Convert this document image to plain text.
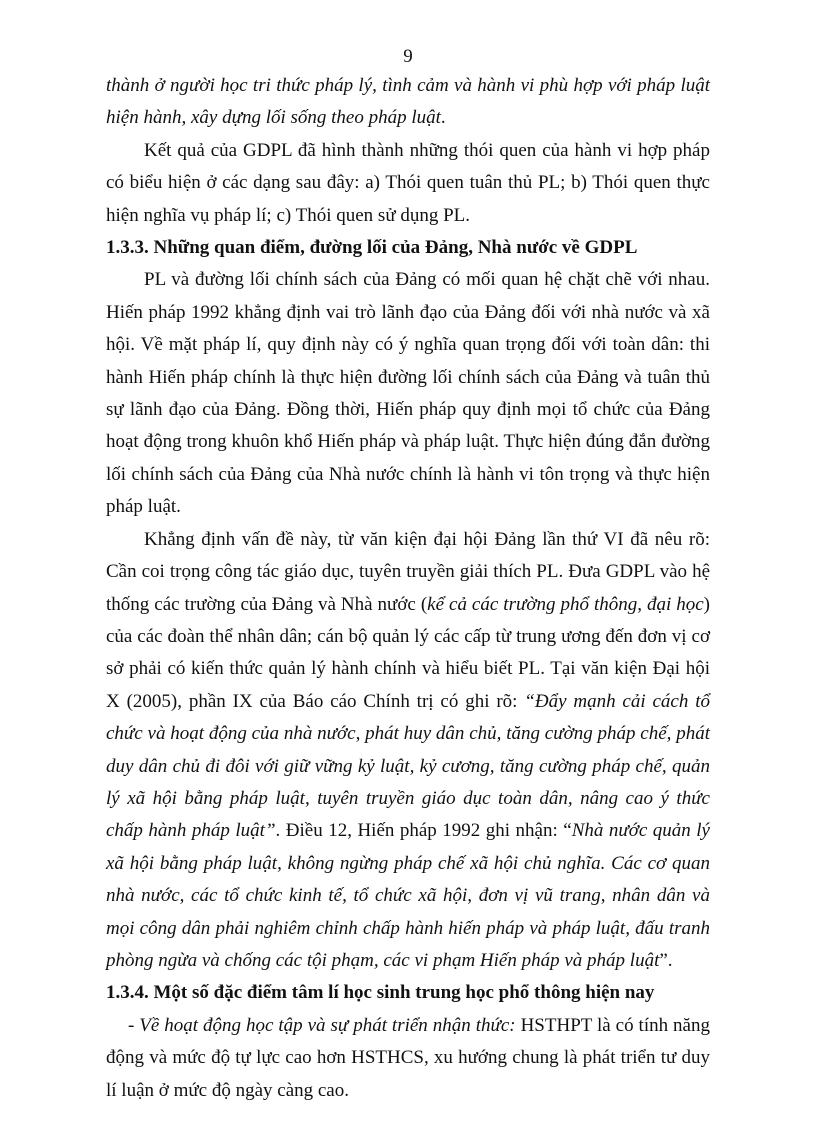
9

thành ở người học tri thức pháp lý, tình cảm và hành vi phù hợp với pháp luật hiện hành, xây dựng lối sống theo pháp luật.

Kết quả của GDPL đã hình thành những thói quen của hành vi hợp pháp có biểu hiện ở các dạng sau đây: a) Thói quen tuân thủ PL; b) Thói quen thực hiện nghĩa vụ pháp lí; c) Thói quen sử dụng PL.

1.3.3. Những quan điểm, đường lối của Đảng, Nhà nước về GDPL

PL và đường lối chính sách của Đảng có mối quan hệ chặt chẽ với nhau. Hiến pháp 1992 khẳng định vai trò lãnh đạo của Đảng đối với nhà nước và xã hội. Về mặt pháp lí, quy định này có ý nghĩa quan trọng đối với toàn dân: thi hành Hiến pháp chính là thực hiện đường lối chính sách của Đảng và tuân thủ sự lãnh đạo của Đảng. Đồng thời, Hiến pháp quy định mọi tổ chức của Đảng hoạt động trong khuôn khổ Hiến pháp và pháp luật. Thực hiện đúng đắn đường lối chính sách của Đảng của Nhà nước chính là hành vi tôn trọng và thực hiện pháp luật.

Khẳng định vấn đề này, từ văn kiện đại hội Đảng lần thứ VI đã nêu rõ: Cần coi trọng công tác giáo dục, tuyên truyền giải thích PL. Đưa GDPL vào hệ thống các trường của Đảng và Nhà nước (kể cả các trường phổ thông, đại học) của các đoàn thể nhân dân; cán bộ quản lý các cấp từ trung ương đến đơn vị cơ sở phải có kiến thức quản lý hành chính và hiểu biết PL. Tại văn kiện Đại hội X (2005), phần IX của Báo cáo Chính trị có ghi rõ: “Đẩy mạnh cải cách tổ chức và hoạt động của nhà nước, phát huy dân chủ, tăng cường pháp chế, phát duy dân chủ đi đôi với giữ vững kỷ luật, kỷ cương, tăng cường pháp chế, quản lý xã hội bằng pháp luật, tuyên truyền giáo dục toàn dân, nâng cao ý thức chấp hành pháp luật”. Điều 12, Hiến pháp 1992 ghi nhận: “Nhà nước quản lý xã hội bằng pháp luật, không ngừng pháp chế xã hội chủ nghĩa. Các cơ quan nhà nước, các tổ chức kinh tế, tổ chức xã hội, đơn vị vũ trang, nhân dân và mọi công dân phải nghiêm chỉnh chấp hành hiến pháp và pháp luật, đấu tranh phòng ngừa và chống các tội phạm, các vi phạm Hiến pháp và pháp luật”.

1.3.4. Một số đặc điểm tâm lí học sinh trung học phổ thông hiện nay

- Về hoạt động học tập và sự phát triển nhận thức: HSTHPT là có tính năng động và mức độ tự lực cao hơn HSTHCS, xu hướng chung là phát triển tư duy lí luận ở mức độ ngày càng cao.
